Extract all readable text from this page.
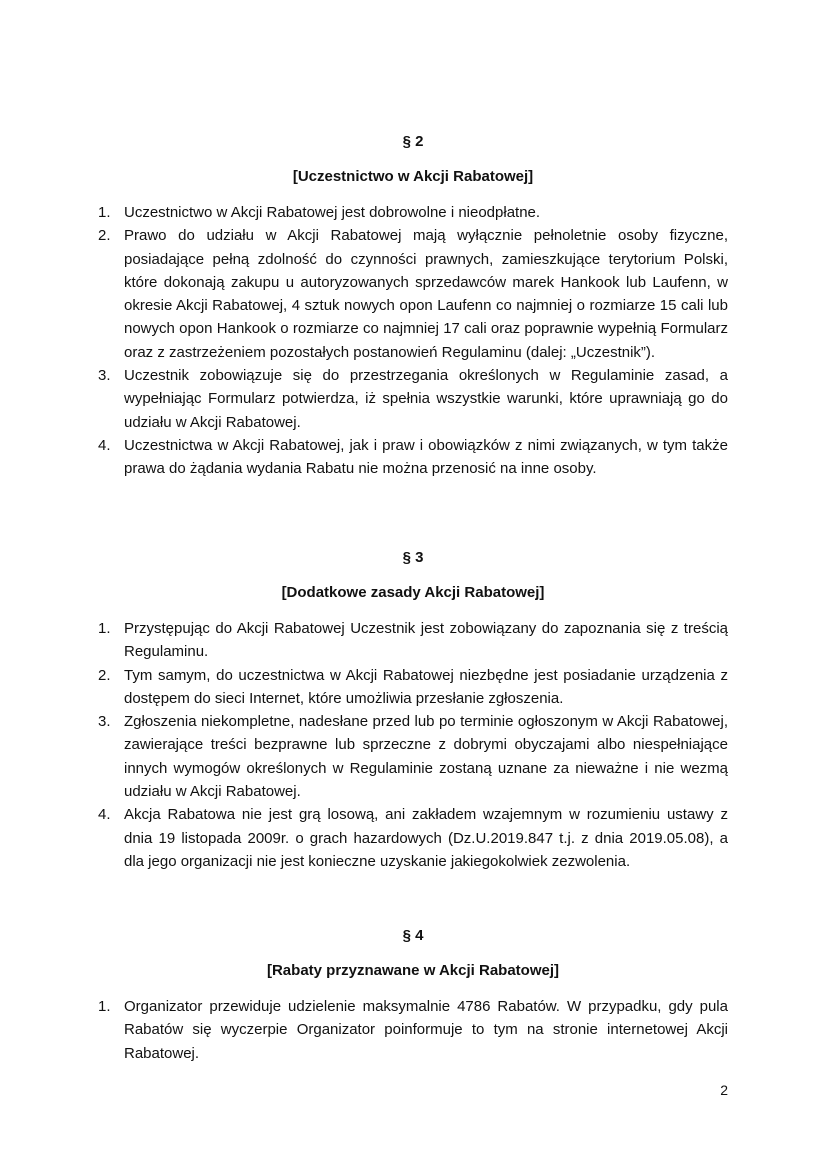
§ 2

[Uczestnictwo w Akcji Rabatowej]

1. Uczestnictwo w Akcji Rabatowej jest dobrowolne i nieodpłatne.
2. Prawo do udziału w Akcji Rabatowej mają wyłącznie pełnoletnie osoby fizyczne, posiadające pełną zdolność do czynności prawnych, zamieszkujące terytorium Polski, które dokonają zakupu u autoryzowanych sprzedawców marek Hankook lub Laufenn, w okresie Akcji Rabatowej, 4 sztuk nowych opon Laufenn co najmniej o rozmiarze 15 cali lub nowych opon Hankook o rozmiarze co najmniej 17 cali oraz poprawnie wypełnią Formularz oraz z zastrzeżeniem pozostałych postanowień Regulaminu (dalej: „Uczestnik”).
3. Uczestnik zobowiązuje się do przestrzegania określonych w Regulaminie zasad, a wypełniając Formularz potwierdza, iż spełnia wszystkie warunki, które uprawniają go do udziału w Akcji Rabatowej.
4. Uczestnictwa w Akcji Rabatowej, jak i praw i obowiązków z nimi związanych, w tym także prawa do żądania wydania Rabatu nie można przenosić na inne osoby.

§ 3

[Dodatkowe zasady Akcji Rabatowej]

1. Przystępując do Akcji Rabatowej Uczestnik jest zobowiązany do zapoznania się z treścią Regulaminu.
2. Tym samym, do uczestnictwa w Akcji Rabatowej niezbędne jest posiadanie urządzenia z dostępem do sieci Internet, które umożliwia przesłanie zgłoszenia.
3. Zgłoszenia niekompletne, nadesłane przed lub po terminie ogłoszonym w Akcji Rabatowej, zawierające treści bezprawne lub sprzeczne z dobrymi obyczajami albo niespełniające innych wymogów określonych w Regulaminie zostaną uznane za nieważne i nie wezmą udziału w Akcji Rabatowej.
4. Akcja Rabatowa nie jest grą losową, ani zakładem wzajemnym w rozumieniu ustawy z dnia 19 listopada 2009r. o grach hazardowych (Dz.U.2019.847 t.j. z dnia 2019.05.08), a dla jego organizacji nie jest konieczne uzyskanie jakiegokolwiek zezwolenia.

§ 4

[Rabaty przyznawane w Akcji Rabatowej]

1. Organizator przewiduje udzielenie maksymalnie 4786 Rabatów. W przypadku, gdy pula Rabatów się wyczerpie Organizator poinformuje to tym na stronie internetowej Akcji Rabatowej.
2
